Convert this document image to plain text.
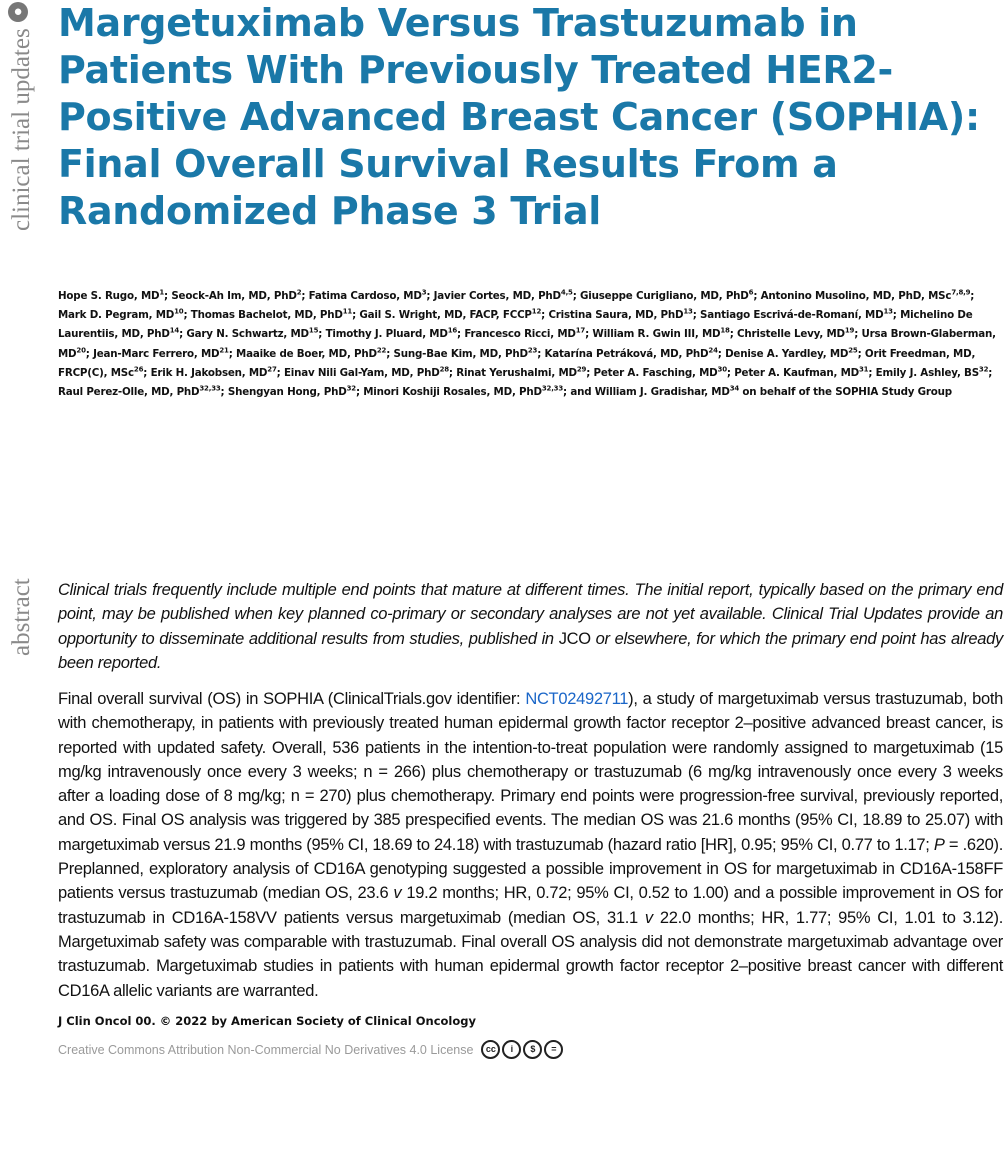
●
clinical trial updates
abstract
Margetuximab Versus Trastuzumab in Patients With Previously Treated HER2-Positive Advanced Breast Cancer (SOPHIA): Final Overall Survival Results From a Randomized Phase 3 Trial

Hope S. Rugo, $MD^1$; Seock-Ah Im, MD, PhD$^2$; Fatima Cardoso, $MD^3$; Javier Cortes, MD, PhD$^{4,5}$; Giuseppe Curigliano, MD, PhD$^6$; Antonino Musolino, MD, PhD, MSc$^{7,8,9}$; Mark D. Pegram, MD$^{10}$; Thomas Bachelot, MD, PhD$^{11}$; Gail S. Wright, MD, FACP, FCCP$^{12}$; Cristina Saura, MD, PhD$^{13}$; Santiago Escrivá-de-Romaní, MD$^{13}$; Michelino De Laurentiis, MD, PhD$^{14}$; Gary N. Schwartz, MD$^{15}$; Timothy J. Pluard, MD$^{16}$; Francesco Ricci, MD$^{17}$; William R. Gwin III, MD$^{18}$; Christelle Levy, MD$^{19}$; Ursa Brown-Glaberman, MD$^{20}$; Jean-Marc Ferrero, MD$^{21}$; Maaike de Boer, MD, PhD$^{22}$; Sung-Bae Kim, MD, PhD$^{23}$; Katarína Petráková, MD, PhD$^{24}$; Denise A. Yardley, MD$^{25}$; Orit Freedman, MD, FRCP(C), MSc$^{26}$; Erik H. Jakobsen, MD$^{27}$; Einav Nili Gal-Yam, MD, PhD$^{28}$; Rinat Yerushalmi, MD$^{29}$; Peter A. Fasching, MD$^{30}$; Peter A. Kaufman, MD$^{31}$; Emily J. Ashley, BS$^{32}$; Raul Perez-Olle, MD, PhD$^{32,33}$; Shengyan Hong, PhD$^{32}$; Minori Koshiji Rosales, MD, PhD$^{32,33}$; and William J. Gradishar, MD$^{34}$ on behalf of the SOPHIA Study Group

Clinical trials frequently include multiple end points that mature at different times. The initial report, typically based on the primary end point, may be published when key planned co-primary or secondary analyses are not yet available. Clinical Trial Updates provide an opportunity to disseminate additional results from studies, published in JCO or elsewhere, for which the primary end point has already been reported.

Final overall survival (OS) in SOPHIA (ClinicalTrials.gov identifier: NCT02492711), a study of margetuximab versus trastuzumab, both with chemotherapy, in patients with previously treated human epidermal growth factor receptor 2–positive advanced breast cancer, is reported with updated safety. Overall, 536 patients in the intention-to-treat population were randomly assigned to margetuximab (15 mg/kg intravenously once every 3 weeks; n = 266) plus chemotherapy or trastuzumab (6 mg/kg intravenously once every 3 weeks after a loading dose of 8 mg/kg; n = 270) plus chemotherapy. Primary end points were progression-free survival, previously reported, and OS. Final OS analysis was triggered by 385 prespecified events. The median OS was 21.6 months (95% CI, 18.89 to 25.07) with margetuximab versus 21.9 months (95% CI, 18.69 to 24.18) with trastuzumab (hazard ratio [HR], 0.95; 95% CI, 0.77 to 1.17; P = .620). Preplanned, exploratory analysis of CD16A genotyping suggested a possible improvement in OS for margetuximab in CD16A-158FF patients versus trastuzumab (median OS, 23.6 v 19.2 months; HR, 0.72; 95% CI, 0.52 to 1.00) and a possible improvement in OS for trastuzumab in CD16A-158VV patients versus margetuximab (median OS, 31.1 v 22.0 months; HR, 1.77; 95% CI, 1.01 to 3.12). Margetuximab safety was comparable with trastuzumab. Final overall OS analysis did not demonstrate margetuximab advantage over trastuzumab. Margetuximab studies in patients with human epidermal growth factor receptor 2–positive breast cancer with different CD16A allelic variants are warranted.

J Clin Oncol 00. © 2022 by American Society of Clinical Oncology

Creative Commons Attribution Non-Commercial No Derivatives 4.0 License	cc	i	$	=
